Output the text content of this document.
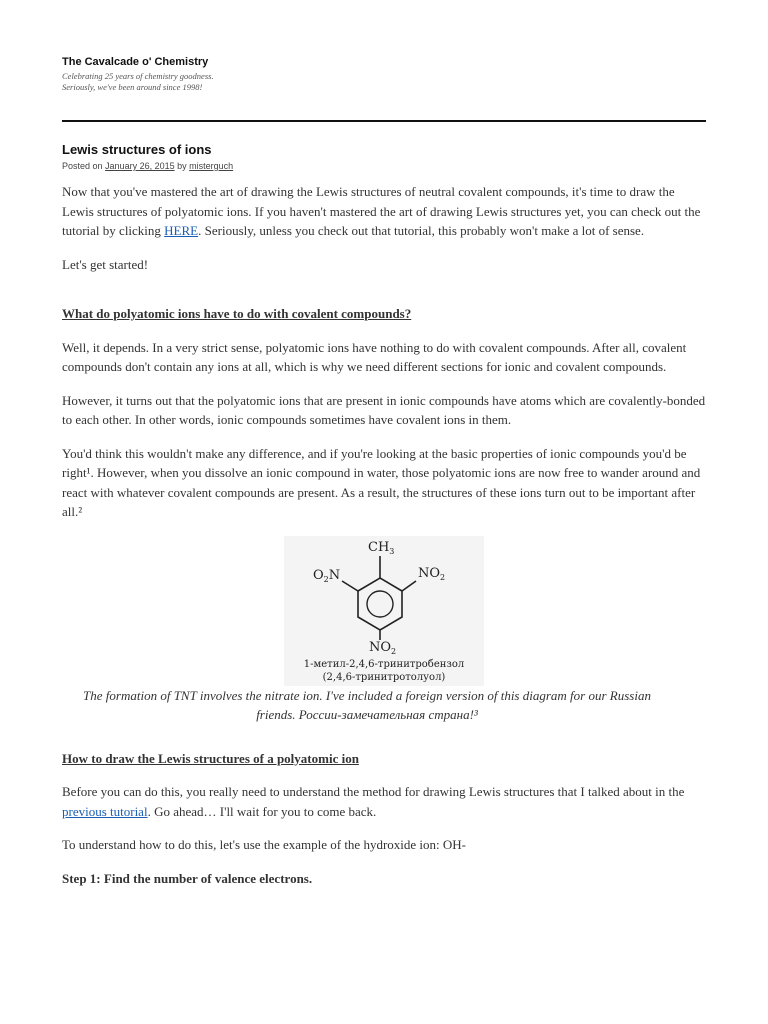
The Cavalcade o' Chemistry

Celebrating 25 years of chemistry goodness. Seriously, we've been around since 1998!
Lewis structures of ions
Posted on January 26, 2015 by misterguch

Now that you've mastered the art of drawing the Lewis structures of neutral covalent compounds, it's time to draw the Lewis structures of polyatomic ions. If you haven't mastered the art of drawing Lewis structures yet, you can check out the tutorial by clicking HERE. Seriously, unless you check out that tutorial, this probably won't make a lot of sense.

Let's get started!

What do polyatomic ions have to do with covalent compounds?

Well, it depends. In a very strict sense, polyatomic ions have nothing to do with covalent compounds. After all, covalent compounds don't contain any ions at all, which is why we need different sections for ionic and covalent compounds.

However, it turns out that the polyatomic ions that are present in ionic compounds have atoms which are covalently-bonded to each other. In other words, ionic compounds sometimes have covalent ions in them.

You'd think this wouldn't make any difference, and if you're looking at the basic properties of ionic compounds you'd be right¹. However, when you dissolve an ionic compound in water, those polyatomic ions are now free to wander around and react with whatever covalent compounds are present. As a result, the structures of these ions turn out to be important after all.²

$CH_3$
$O_2N$	$NO_2$
$NO_2$
1-метил-2,4,6-тринитробензол
(2,4,6-тринитротолуол)

The formation of TNT involves the nitrate ion. I've included a foreign version of this diagram for our Russian friends. России-замечательная страна!³

How to draw the Lewis structures of a polyatomic ion

Before you can do this, you really need to understand the method for drawing Lewis structures that I talked about in the previous tutorial. Go ahead… I'll wait for you to come back.

To understand how to do this, let's use the example of the hydroxide ion: OH-

Step 1: Find the number of valence electrons.
